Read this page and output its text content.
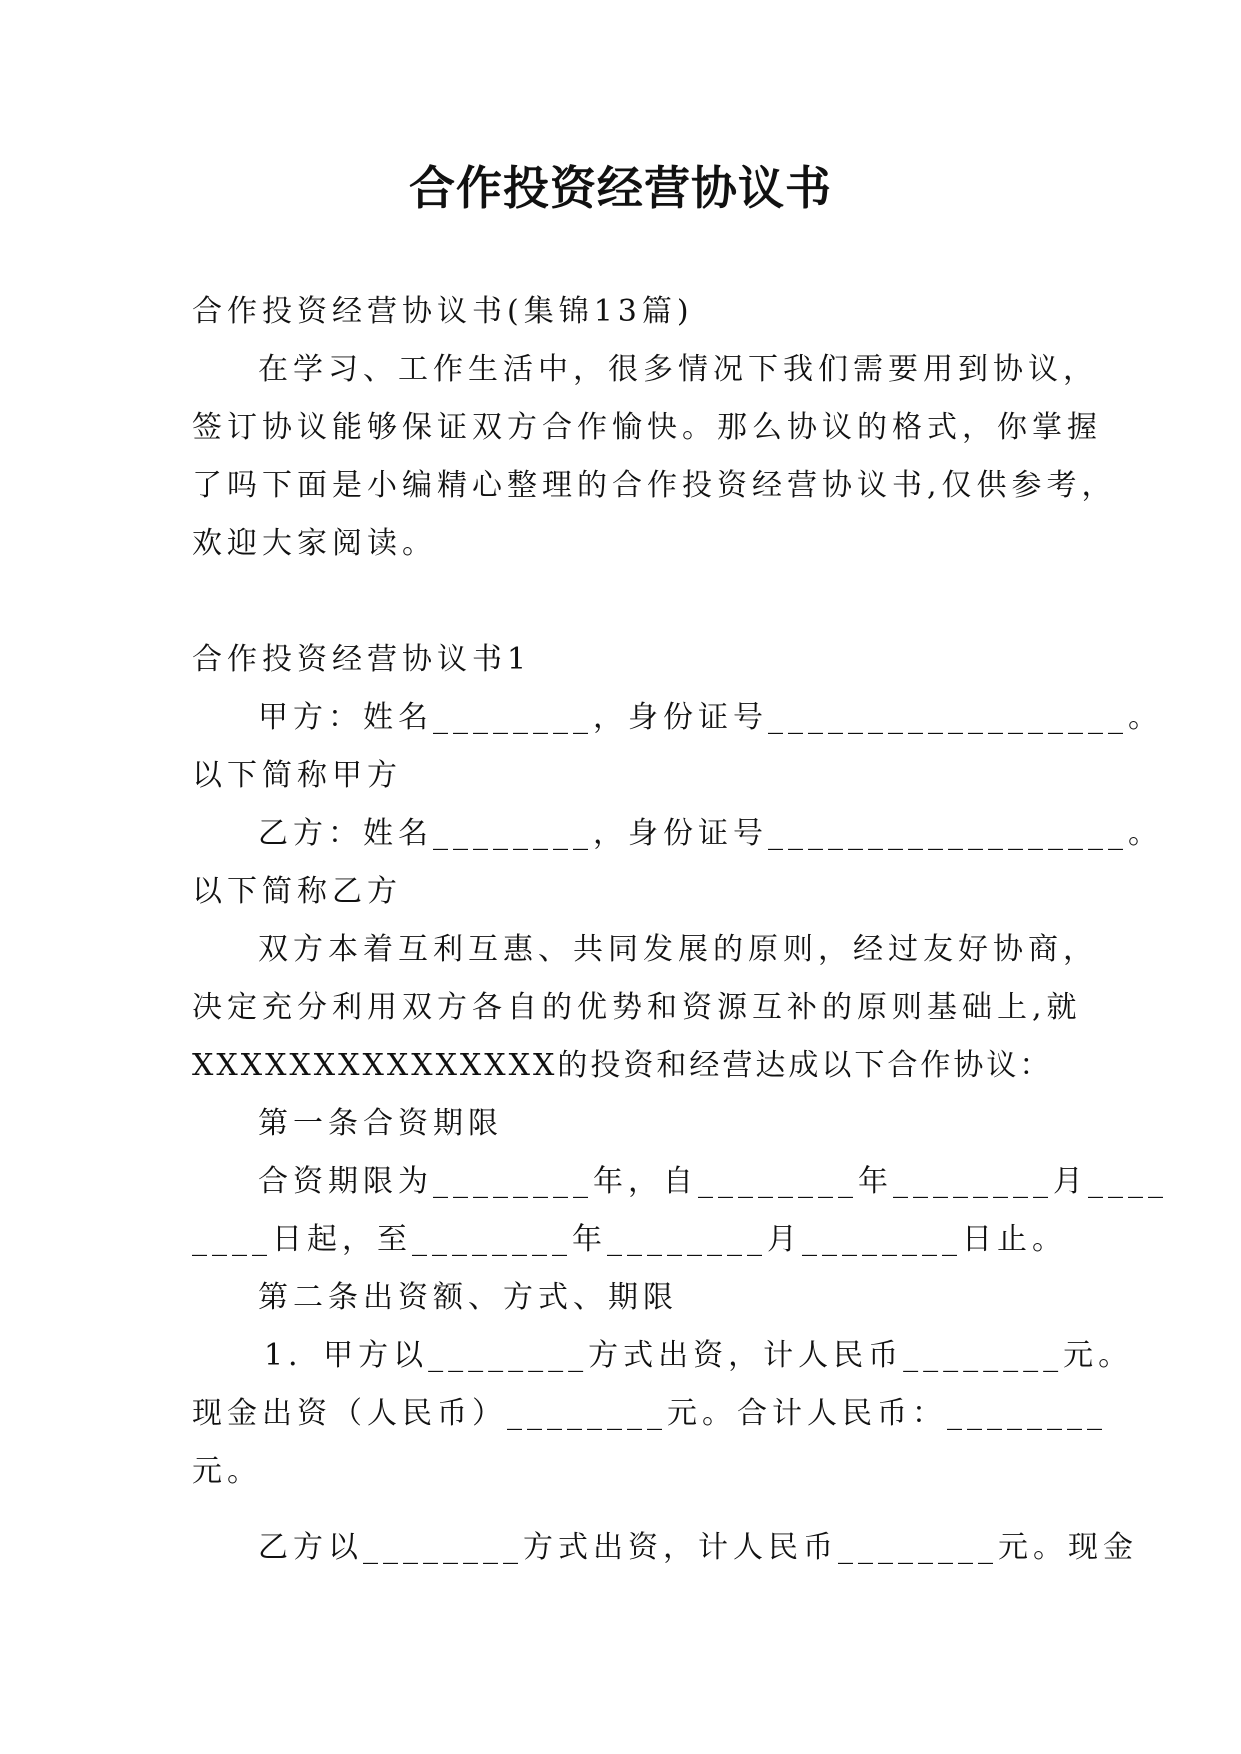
合作投资经营协议书
合作投资经营协议书(集锦13篇)
在学习、工作生活中，很多情况下我们需要用到协议，
签订协议能够保证双方合作愉快。那么协议的格式，你掌握
了吗下面是小编精心整理的合作投资经营协议书,仅供参考，
欢迎大家阅读。
合作投资经营协议书1
甲方：姓名________，身份证号__________________。
以下简称甲方
乙方：姓名________，身份证号__________________。
以下简称乙方
双方本着互利互惠、共同发展的原则，经过友好协商，
决定充分利用双方各自的优势和资源互补的原则基础上,就
XXXXXXXXXXXXXXX的投资和经营达成以下合作协议：
第一条合资期限
合资期限为________年，自________年________月____
____日起，至________年________月________日止。
第二条出资额、方式、期限
1．甲方以________方式出资，计人民币________元。
现金出资（人民币）________元。合计人民币：________
元。
乙方以________方式出资，计人民币________元。现金
